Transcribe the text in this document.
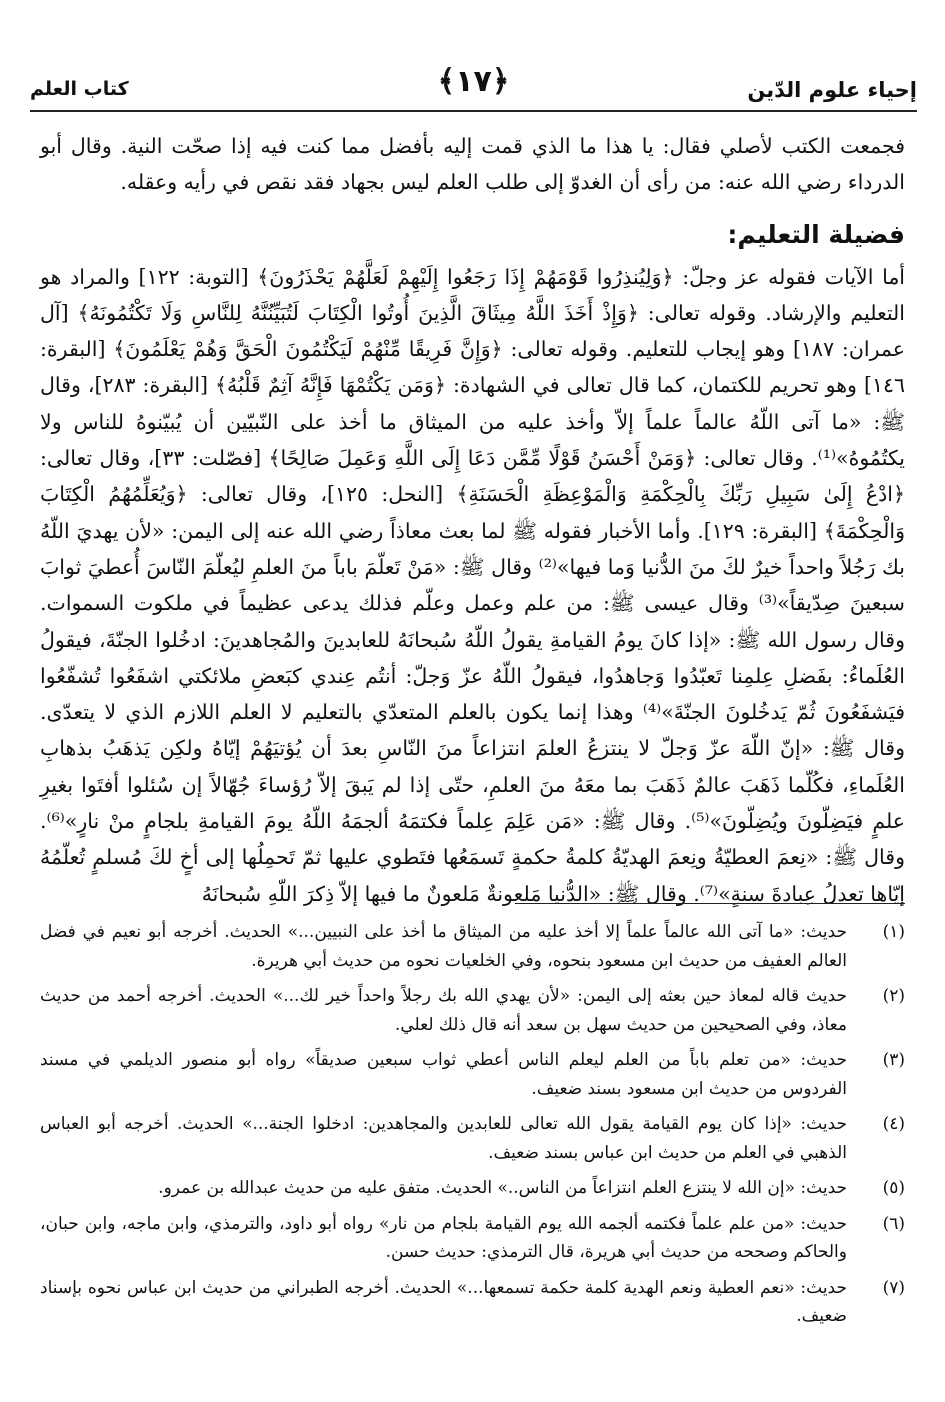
إحياء علوم الدّين
﴿١٧﴾
كتاب العلم

فجمعت الكتب لأصلي فقال: يا هذا ما الذي قمت إليه بأفضل مما كنت فيه إذا صحّت النية. وقال أبو الدرداء رضي الله عنه: من رأى أن الغدوّ إلى طلب العلم ليس بجهاد فقد نقص في رأيه وعقله.

فضيلة التعليم:

أما الآيات فقوله عز وجلّ: ﴿وَلِيُنذِرُوا قَوْمَهُمْ إِذَا رَجَعُوا إِلَيْهِمْ لَعَلَّهُمْ يَحْذَرُونَ﴾ [التوبة: ١٢٢] والمراد هو التعليم والإرشاد. وقوله تعالى: ﴿وَإِذْ أَخَذَ اللَّهُ مِيثَاقَ الَّذِينَ أُوتُوا الْكِتَابَ لَتُبَيِّنُنَّهُ لِلنَّاسِ وَلَا تَكْتُمُونَهُ﴾ [آل عمران: ١٨٧] وهو إيجاب للتعليم. وقوله تعالى: ﴿وَإِنَّ فَرِيقًا مِّنْهُمْ لَيَكْتُمُونَ الْحَقَّ وَهُمْ يَعْلَمُونَ﴾ [البقرة: ١٤٦] وهو تحريم للكتمان، كما قال تعالى في الشهادة: ﴿وَمَن يَكْتُمْهَا فَإِنَّهُ آثِمٌ قَلْبُهُ﴾ [البقرة: ٢٨٣]، وقال ﷺ: «ما آتى اللّهُ عالماً علماً إلاّ وأخذ عليه من الميثاق ما أخذ على النّبيّين أن يُبيّنوهُ للناس ولا يكتُمُوهُ»⁽¹⁾. وقال تعالى: ﴿وَمَنْ أَحْسَنُ قَوْلًا مِّمَّن دَعَا إِلَى اللَّهِ وَعَمِلَ صَالِحًا﴾ [فصّلت: ٣٣]، وقال تعالى: ﴿ادْعُ إِلَىٰ سَبِيلِ رَبِّكَ بِالْحِكْمَةِ وَالْمَوْعِظَةِ الْحَسَنَةِ﴾ [النحل: ١٢٥]، وقال تعالى: ﴿وَيُعَلِّمُهُمُ الْكِتَابَ وَالْحِكْمَةَ﴾ [البقرة: ١٢٩]. وأما الأخبار فقوله ﷺ لما بعث معاذاً رضي الله عنه إلى اليمن: «لأن يهديَ اللّهُ بك رَجُلاً واحداً خيرٌ لكَ منَ الدُّنيا وَما فيها»⁽²⁾ وقال ﷺ: «مَنْ تَعلّمَ باباً منَ العلمِ ليُعلّمَ النّاسَ أُعطيَ ثوابَ سبعينَ صِدّيقاً»⁽³⁾ وقال عيسى ﷺ: من علم وعمل وعلّم فذلك يدعى عظيماً في ملكوت السموات. وقال رسول الله ﷺ: «إذا كانَ يومُ القيامةِ يقولُ اللّهُ سُبحانَهُ للعابدينَ والمُجاهدينَ: ادخُلوا الجنّةَ، فيقولُ العُلَماءُ: بفَضلِ عِلمِنا تَعبّدُوا وَجاهدُوا، فيقولُ اللّهُ عزّ وَجلّ: أنتُم عِندي كبَعضِ ملائكتي اشفَعُوا تُشفّعُوا فيَشفَعُونَ ثُمّ يَدخُلونَ الجنّةَ»⁽⁴⁾ وهذا إنما يكون بالعلم المتعدّي بالتعليم لا العلم اللازم الذي لا يتعدّى. وقال ﷺ: «إنّ اللّهَ عزّ وَجلّ لا ينتزعُ العلمَ انتزاعاً منَ النّاسِ بعدَ أن يُؤتيَهُمْ إيّاهُ ولكِن يَذهَبُ بذهابِ العُلَماءِ، فكُلّما ذَهَبَ عالمٌ ذَهَبَ بما معَهُ منَ العلمِ، حتّى إذا لم يَبقَ إلاّ رُؤساءَ جُهّالاً إن سُئلوا أفتَوا بغيرِ علمٍ فيَضِلّونَ ويُضِلّونَ»⁽⁵⁾. وقال ﷺ: «مَن عَلِمَ عِلماً فكتمَهُ ألجمَهُ اللّهُ يومَ القيامةِ بلجامٍ منْ نارٍ»⁽⁶⁾. وقال ﷺ: «نِعمَ العطيّةُ ونِعمَ الهديّةُ كلمةُ حكمةٍ تَسمَعُها فتَطوي عليها ثمّ تَحمِلُها إلى أخٍ لكَ مُسلمٍ تُعلّمُهُ إيّاها تعدلُ عِبادةَ سنةٍ»⁽⁷⁾. وقال ﷺ: «الدُّنيا مَلعونةٌ مَلعونٌ ما فيها إلاّ ذِكرَ اللّهِ سُبحانَهُ

(١)
حديث: «ما آتى الله عالماً علماً إلا أخذ عليه من الميثاق ما أخذ على النبيين...» الحديث. أخرجه أبو نعيم في فضل العالم العفيف من حديث ابن مسعود بنحوه، وفي الخلعيات نحوه من حديث أبي هريرة.
(٢)
حديث قاله لمعاذ حين بعثه إلى اليمن: «لأن يهدي الله بك رجلاً واحداً خير لك...» الحديث. أخرجه أحمد من حديث معاذ، وفي الصحيحين من حديث سهل بن سعد أنه قال ذلك لعلي.
(٣)
حديث: «من تعلم باباً من العلم ليعلم الناس أعطي ثواب سبعين صديقاً» رواه أبو منصور الديلمي في مسند الفردوس من حديث ابن مسعود بسند ضعيف.
(٤)
حديث: «إذا كان يوم القيامة يقول الله تعالى للعابدين والمجاهدين: ادخلوا الجنة...» الحديث. أخرجه أبو العباس الذهبي في العلم من حديث ابن عباس بسند ضعيف.
(٥)
حديث: «إن الله لا ينتزع العلم انتزاعاً من الناس..» الحديث. متفق عليه من حديث عبدالله بن عمرو.
(٦)
حديث: «من علم علماً فكتمه ألجمه الله يوم القيامة بلجام من نار» رواه أبو داود، والترمذي، وابن ماجه، وابن حبان، والحاكم وصححه من حديث أبي هريرة، قال الترمذي: حديث حسن.
(٧)
حديث: «نعم العطية ونعم الهدية كلمة حكمة تسمعها...» الحديث. أخرجه الطبراني من حديث ابن عباس نحوه بإسناد ضعيف.
